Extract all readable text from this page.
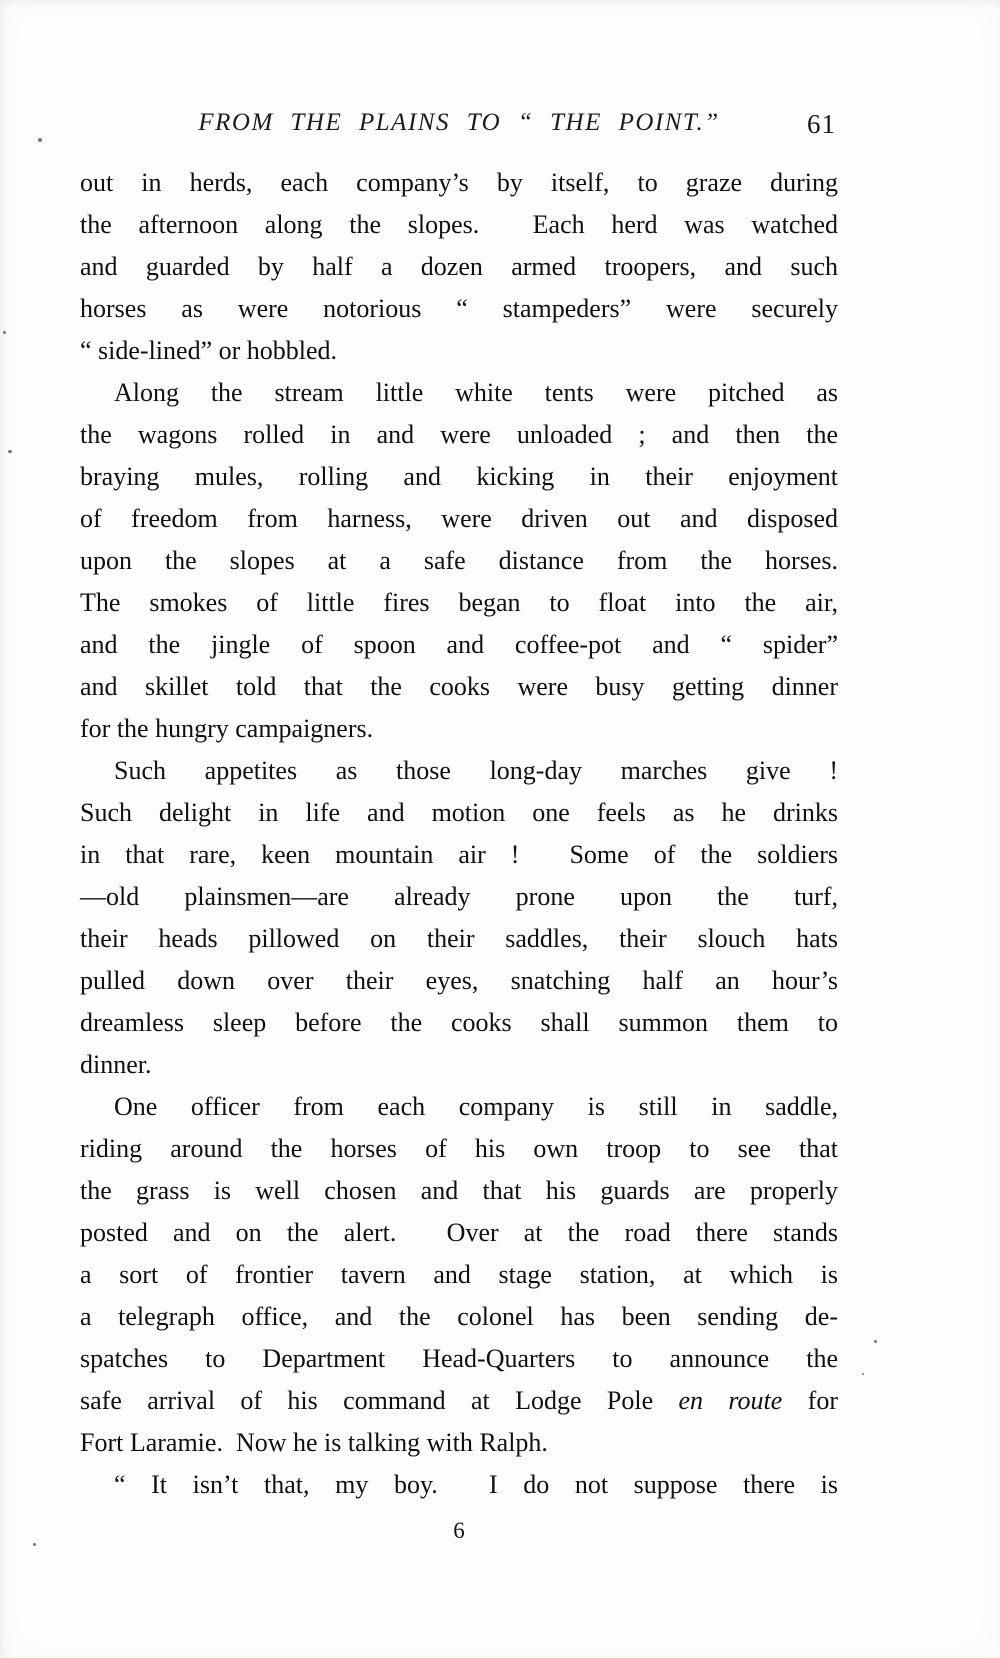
FROM THE PLAINS TO “ THE POINT.”	61
out in herds, each company’s by itself, to graze during
the afternoon along the slopes.  Each herd was watched
and guarded by half a dozen armed troopers, and such
horses as were notorious “ stampeders” were securely
“ side-lined” or hobbled.
Along the stream little white tents were pitched as
the wagons rolled in and were unloaded ; and then the
braying mules, rolling and kicking in their enjoyment
of freedom from harness, were driven out and disposed
upon the slopes at a safe distance from the horses.
The smokes of little fires began to float into the air,
and the jingle of spoon and coffee-pot and “ spider”
and skillet told that the cooks were busy getting dinner
for the hungry campaigners.
Such appetites as those long-day marches give !
Such delight in life and motion one feels as he drinks
in that rare, keen mountain air !  Some of the soldiers
—old plainsmen—are already prone upon the turf,
their heads pillowed on their saddles, their slouch hats
pulled down over their eyes, snatching half an hour’s
dreamless sleep before the cooks shall summon them to
dinner.
One officer from each company is still in saddle,
riding around the horses of his own troop to see that
the grass is well chosen and that his guards are properly
posted and on the alert.  Over at the road there stands
a sort of frontier tavern and stage station, at which is
a telegraph office, and the colonel has been sending de-
spatches to Department Head-Quarters to announce the
safe arrival of his command at Lodge Pole en route for
Fort Laramie.  Now he is talking with Ralph.
“ It isn’t that, my boy.  I do not suppose there is
6
